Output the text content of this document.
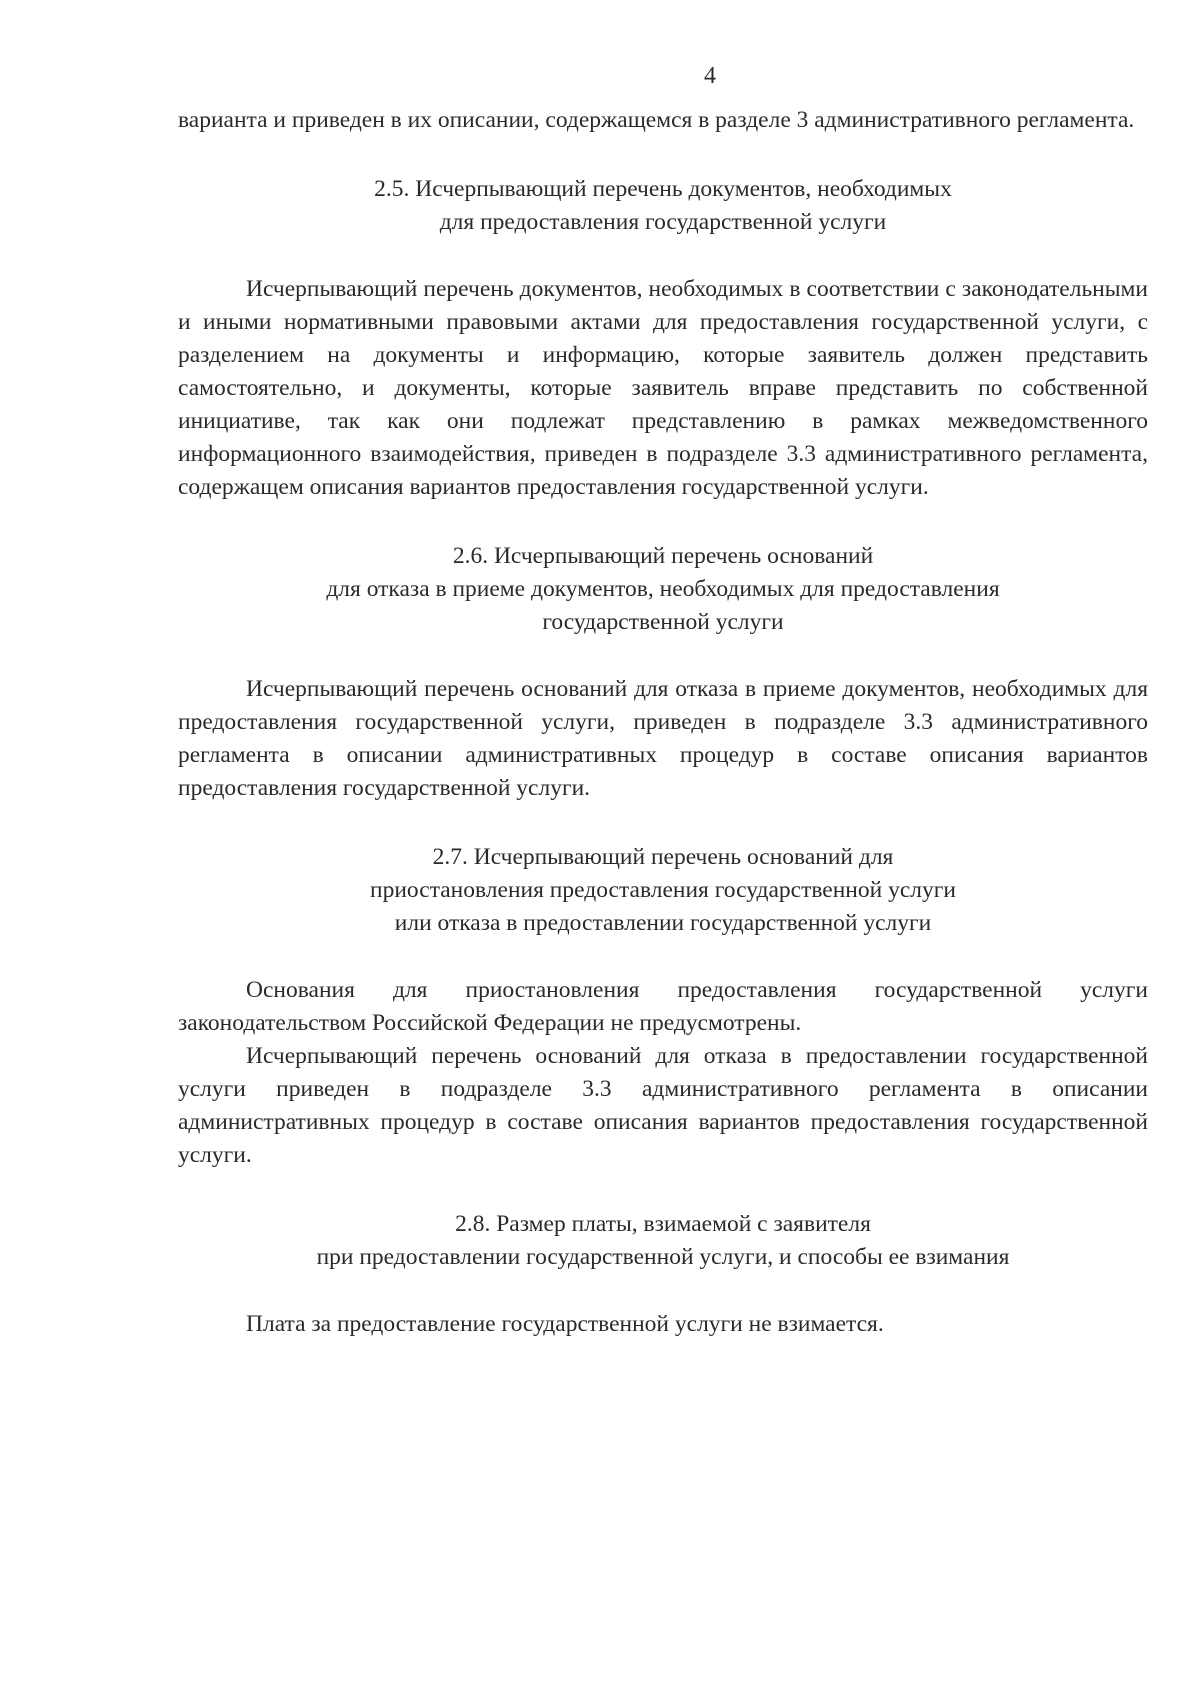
4

варианта и приведен в их описании, содержащемся в разделе 3 административного регламента.

2.5. Исчерпывающий перечень документов, необходимых
для предоставления государственной услуги

Исчерпывающий перечень документов, необходимых в соответствии с законодательными и иными нормативными правовыми актами для предоставления государственной услуги, с разделением на документы и информацию, которые заявитель должен представить самостоятельно, и документы, которые заявитель вправе представить по собственной инициативе, так как они подлежат представлению в рамках межведомственного информационного взаимодействия, приведен в подразделе 3.3 административного регламента, содержащем описания вариантов предоставления государственной услуги.

2.6. Исчерпывающий перечень оснований
для отказа в приеме документов, необходимых для предоставления
государственной услуги

Исчерпывающий перечень оснований для отказа в приеме документов, необходимых для предоставления государственной услуги, приведен в подразделе 3.3 административного регламента в описании административных процедур в составе описания вариантов предоставления государственной услуги.

2.7. Исчерпывающий перечень оснований для
приостановления предоставления государственной услуги
или отказа в предоставлении государственной услуги

Основания для приостановления предоставления государственной услуги законодательством Российской Федерации не предусмотрены.

Исчерпывающий перечень оснований для отказа в предоставлении государственной услуги приведен в подразделе 3.3 административного регламента в описании административных процедур в составе описания вариантов предоставления государственной услуги.

2.8. Размер платы, взимаемой с заявителя
при предоставлении государственной услуги, и способы ее взимания

Плата за предоставление государственной услуги не взимается.
